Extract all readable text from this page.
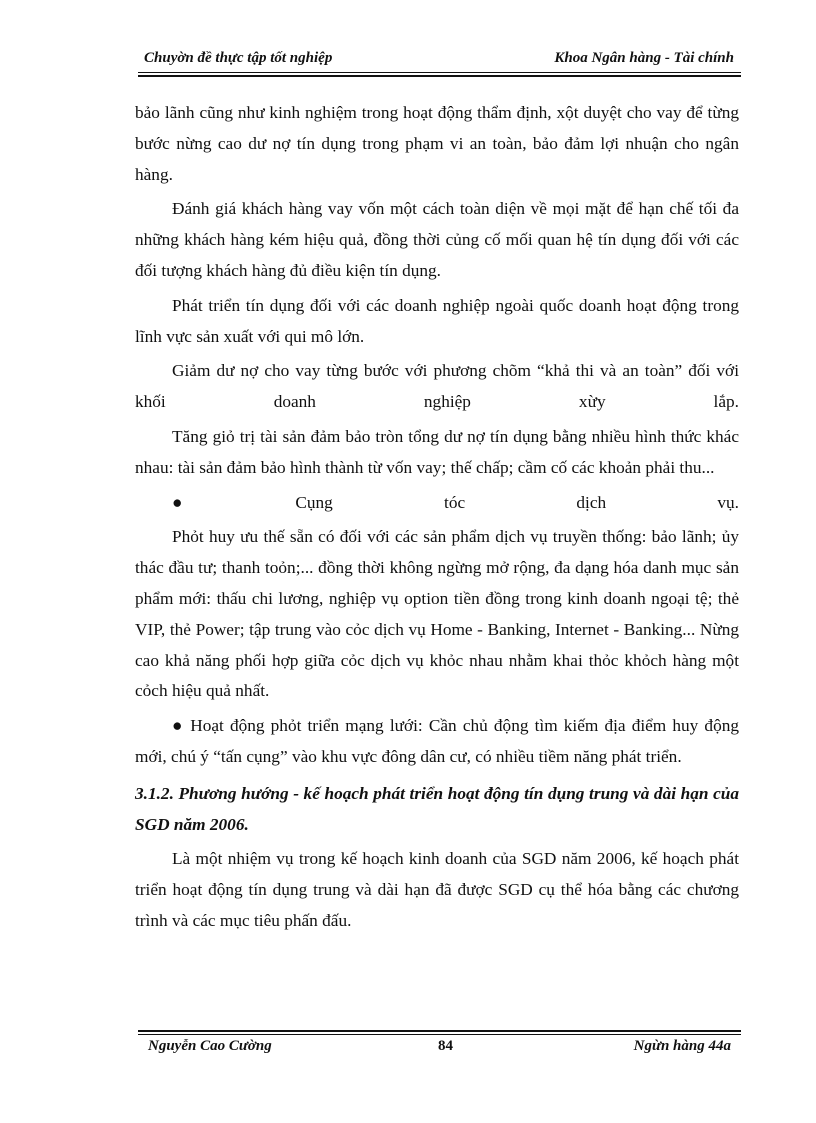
Chuyờn đề thực tập tốt nghiệp	Khoa Ngân hàng - Tài chính

bảo lãnh cũng như kinh nghiệm trong hoạt động thẩm định, xột duyệt cho vay để từng bước nừng cao dư nợ tín dụng trong phạm vi an toàn, bảo đảm lợi nhuận cho ngân hàng.

Đánh giá khách hàng vay vốn một cách toàn diện về mọi mặt để hạn chế tối đa những khách hàng kém hiệu quả, đồng thời củng cố mối quan hệ tín dụng đối với các đối tượng khách hàng đủ điều kiện tín dụng.

Phát triển tín dụng đối với các doanh nghiệp ngoài quốc doanh hoạt động trong lĩnh vực sản xuất với qui mô lớn.

Giảm dư nợ cho vay từng bước với phương chõm “khả thi và an toàn” đối với khối doanh nghiệp xừy lắp.

Tăng giỏ trị tài sản đảm bảo tròn tổng dư nợ tín dụng bằng nhiều hình thức khác nhau: tài sản đảm bảo hình thành từ vốn vay; thế chấp; cầm cố các khoản phải thu...

● Cụng tóc dịch vụ.

Phỏt huy ưu thế sẵn có đối với các sản phẩm dịch vụ truyền thống: bảo lãnh; ủy thác đầu tư; thanh toỏn;... đồng thời không ngừng mở rộng, đa dạng hóa danh mục sản phẩm mới: thấu chi lương, nghiệp vụ option tiền đồng trong kinh doanh ngoại tệ; thẻ VIP, thẻ Power; tập trung vào cỏc dịch vụ Home - Banking, Internet - Banking... Nừng cao khả năng phối hợp giữa cỏc dịch vụ khỏc nhau nhằm khai thỏc khỏch hàng một cỏch hiệu quả nhất.

● Hoạt động phỏt triển mạng lưới: Cần chủ động tìm kiếm địa điểm huy động mới, chú ý “tấn cụng” vào khu vực đông dân cư, có nhiều tiềm năng phát triển.

3.1.2. Phương hướng - kế hoạch phát triển hoạt động tín dụng trung và dài hạn của SGD năm 2006.

Là một nhiệm vụ trong kế hoạch kinh doanh của SGD năm 2006, kế hoạch phát triển hoạt động tín dụng trung và dài hạn đã được SGD cụ thể hóa bằng các chương trình và các mục tiêu phấn đấu.

Nguyễn Cao Cường	84	Ngừn hàng 44a
